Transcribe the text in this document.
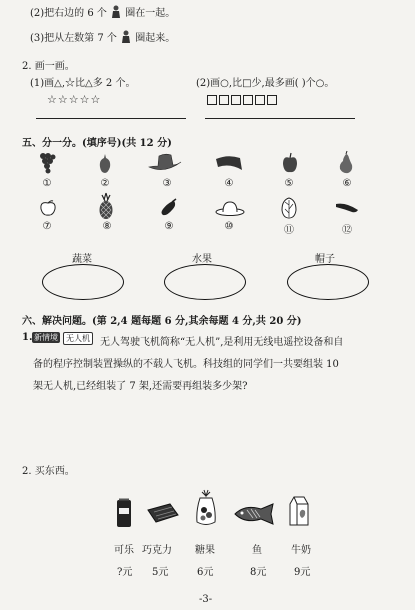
(2)把右边的 6 个 圈在一起。
(3)把从左数第 7 个 圈起来。
2. 画一画。
(1)画△,☆比△多 2 个。	(2)画○,比□少,最多画( )个○。
☆☆☆☆☆
五、分一分。(填序号)(共 12 分)
①	②	③	④	⑤	⑥
⑦	⑧	⑨	⑩	⑪	⑫
蔬菜	水果	帽子
六、解决问题。(第 2,4 题每题 6 分,其余每题 4 分,共 20 分)
1. 新情境	无人机	无人驾驶飞机简称“无人机”,是利用无线电遥控设备和自
备的程序控制装置操纵的不载人飞机。科技组的同学们一共要组装 10
架无人机,已经组装了 7 架,还需要再组装多少架?
2. 买东西。
可乐 巧克力 糖果	鱼	牛奶
?元 5元	6元	8元	9元
-3-
